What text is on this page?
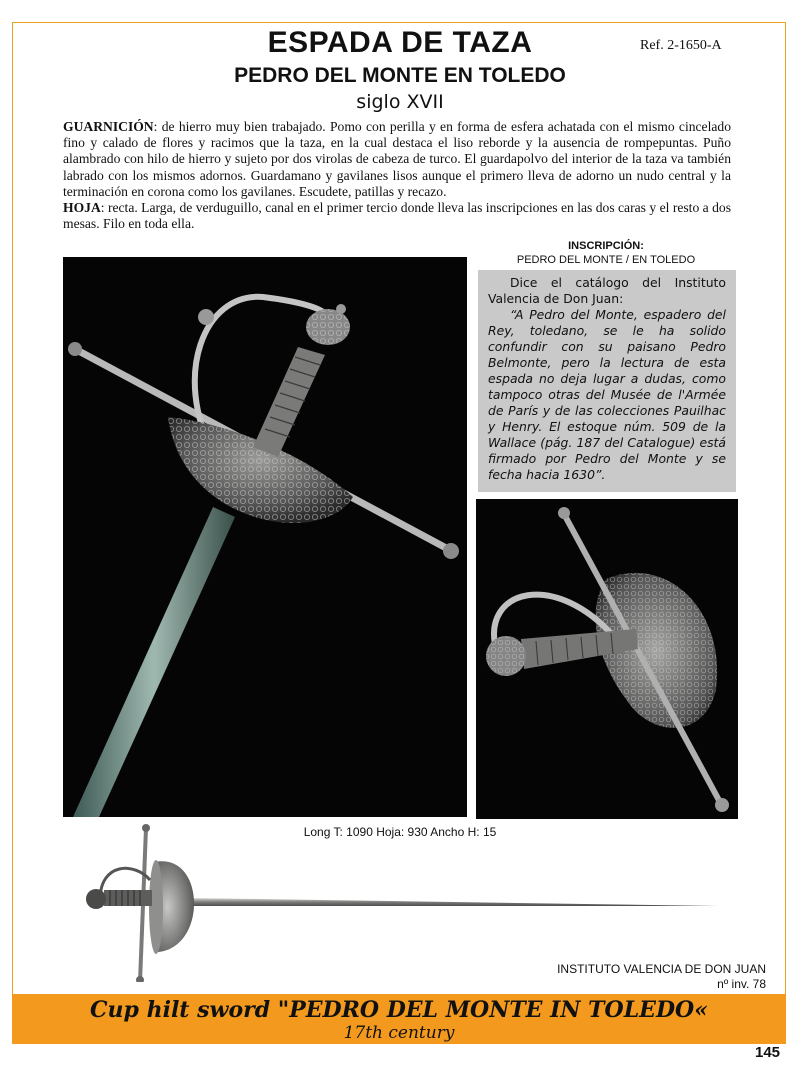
ESPADA DE TAZA	Ref. 2-1650-A
PEDRO DEL MONTE EN TOLEDO
siglo XVII

GUARNICIÓN: de hierro muy bien trabajado. Pomo con perilla y en forma de esfera achatada con el mismo cincelado fino y calado de flores y racimos que la taza, en la cual destaca el liso reborde y la ausencia de rompepuntas. Puño alambrado con hilo de hierro y sujeto por dos virolas de cabeza de turco. El guardapolvo del interior de la taza va también labrado con los mismos adornos. Guardamano y gavilanes lisos aunque el primero lleva de adorno un nudo central y la terminación en corona como los gavilanes. Escudete, patillas y recazo.

HOJA: recta. Larga, de verduguillo, canal en el primer tercio donde lleva las inscripciones en las dos caras y el resto a dos mesas. Filo en toda ella.

INSCRIPCIÓN:
PEDRO DEL MONTE / EN TOLEDO

Dice el catálogo del Instituto Valencia de Don Juan:

“A Pedro del Monte, espadero del Rey, toledano, se le ha solido confundir con su paisano Pedro Belmonte, pero la lectura de esta espada no deja lugar a dudas, como tampoco otras del Musée de l'Armée de París y de las colecciones Pauilhac y Henry. El estoque núm. 509 de la Wallace (pág. 187 del Catalogue) está firmado por Pedro del Monte y se fecha hacia 1630”.

Long T: 1090 Hoja: 930 Ancho H: 15
INSTITUTO VALENCIA DE DON JUAN
nº inv. 78
Cup hilt sword "PEDRO DEL MONTE IN TOLEDO«
17th century
145
